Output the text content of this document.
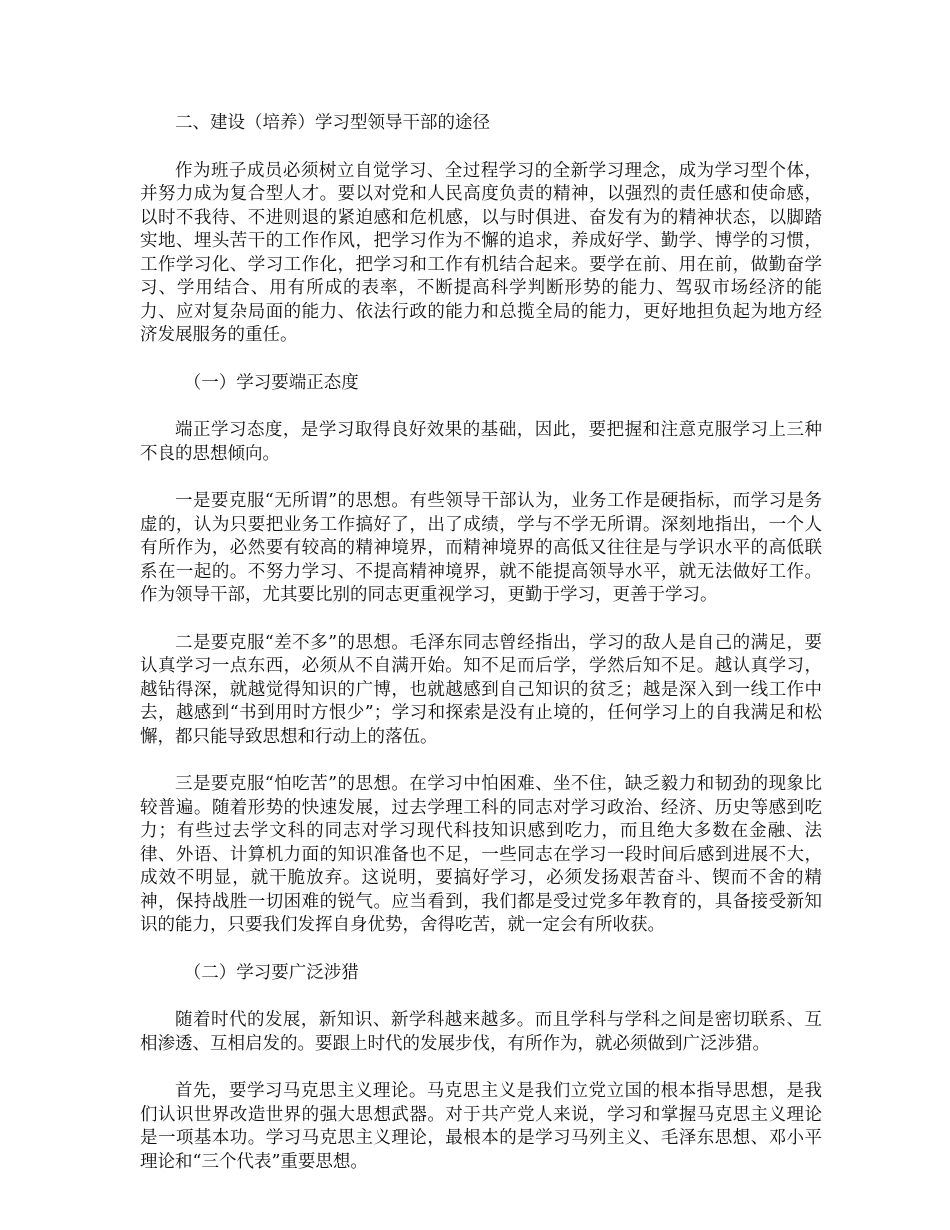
二、建设（培养）学习型领导干部的途径

作为班子成员必须树立自觉学习、全过程学习的全新学习理念，成为学习型个体，并努力成为复合型人才。要以对党和人民高度负责的精神，以强烈的责任感和使命感，以时不我待、不进则退的紧迫感和危机感，以与时俱进、奋发有为的精神状态，以脚踏实地、埋头苦干的工作作风，把学习作为不懈的追求，养成好学、勤学、博学的习惯，工作学习化、学习工作化，把学习和工作有机结合起来。要学在前、用在前，做勤奋学习、学用结合、用有所成的表率，不断提高科学判断形势的能力、驾驭市场经济的能力、应对复杂局面的能力、依法行政的能力和总揽全局的能力，更好地担负起为地方经济发展服务的重任。

（一）学习要端正态度

端正学习态度，是学习取得良好效果的基础，因此，要把握和注意克服学习上三种不良的思想倾向。

一是要克服“无所谓”的思想。有些领导干部认为，业务工作是硬指标，而学习是务虚的，认为只要把业务工作搞好了，出了成绩，学与不学无所谓。深刻地指出，一个人有所作为，必然要有较高的精神境界，而精神境界的高低又往往是与学识水平的高低联系在一起的。不努力学习、不提高精神境界，就不能提高领导水平，就无法做好工作。作为领导干部，尤其要比别的同志更重视学习，更勤于学习，更善于学习。

二是要克服“差不多”的思想。毛泽东同志曾经指出，学习的敌人是自己的满足，要认真学习一点东西，必须从不自满开始。知不足而后学，学然后知不足。越认真学习，越钻得深，就越觉得知识的广博，也就越感到自己知识的贫乏；越是深入到一线工作中去，越感到“书到用时方恨少”；学习和探索是没有止境的，任何学习上的自我满足和松懈，都只能导致思想和行动上的落伍。

三是要克服“怕吃苦”的思想。在学习中怕困难、坐不住，缺乏毅力和韧劲的现象比较普遍。随着形势的快速发展，过去学理工科的同志对学习政治、经济、历史等感到吃力；有些过去学文科的同志对学习现代科技知识感到吃力，而且绝大多数在金融、法律、外语、计算机力面的知识准备也不足，一些同志在学习一段时间后感到进展不大，成效不明显，就干脆放弃。这说明，要搞好学习，必须发扬艰苦奋斗、锲而不舍的精神，保持战胜一切困难的锐气。应当看到，我们都是受过党多年教育的，具备接受新知识的能力，只要我们发挥自身优势，舍得吃苦，就一定会有所收获。

（二）学习要广泛涉猎

随着时代的发展，新知识、新学科越来越多。而且学科与学科之间是密切联系、互相渗透、互相启发的。要跟上时代的发展步伐，有所作为，就必须做到广泛涉猎。

首先，要学习马克思主义理论。马克思主义是我们立党立国的根本指导思想，是我们认识世界改造世界的强大思想武器。对于共产党人来说，学习和掌握马克思主义理论是一项基本功。学习马克思主义理论，最根本的是学习马列主义、毛泽东思想、邓小平理论和“三个代表”重要思想。
